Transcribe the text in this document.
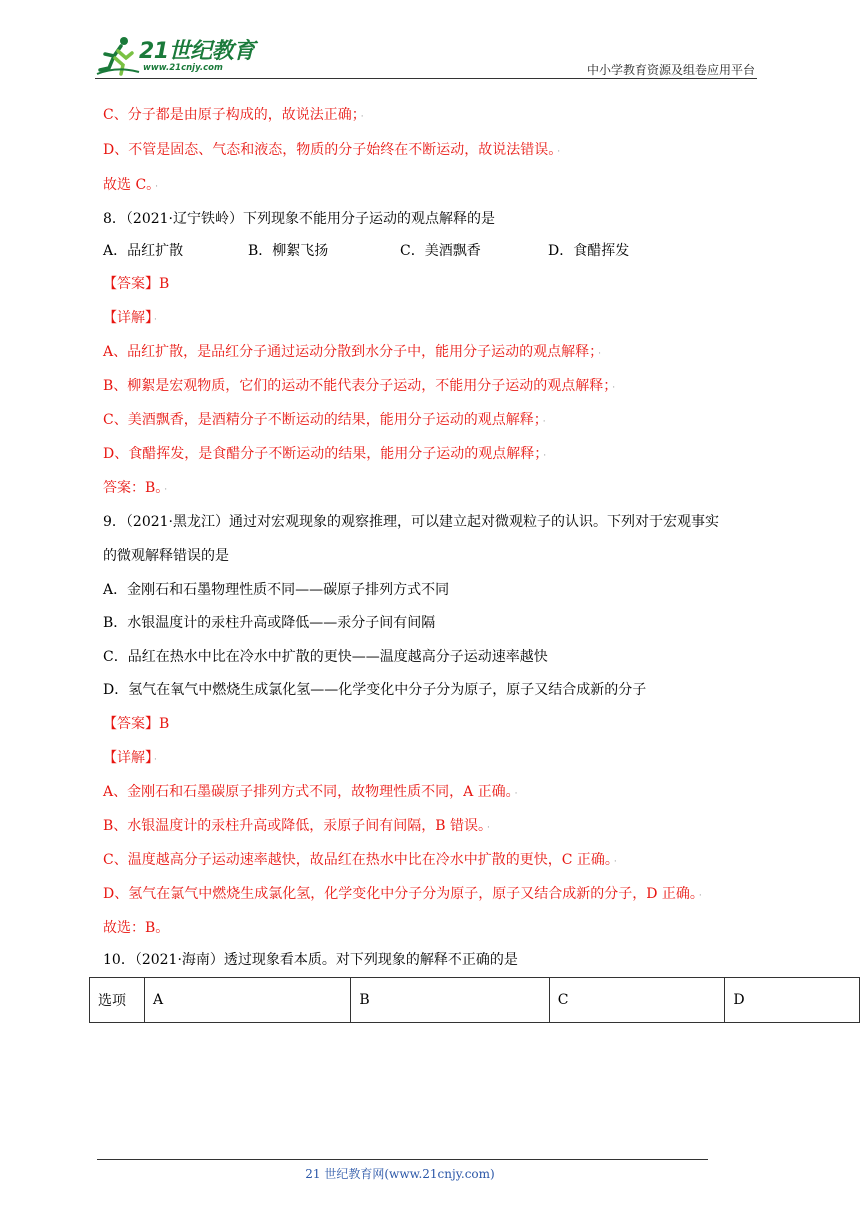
21世纪教育
www.21cnjy.com	中小学教育资源及组卷应用平台
C、分子都是由原子构成的，故说法正确； ·
D、不管是固态、气态和液态，物质的分子始终在不断运动，故说法错误。 ·
故选 C。 ·
8．（2021·辽宁铁岭）下列现象不能用分子运动的观点解释的是
A．品红扩散	B．柳絮飞扬	C．美酒飘香	D．食醋挥发
【答案】B
【详解】 ·
A、品红扩散，是品红分子通过运动分散到水分子中，能用分子运动的观点解释； ·
B、柳絮是宏观物质，它们的运动不能代表分子运动，不能用分子运动的观点解释； ·
C、美酒飘香，是酒精分子不断运动的结果，能用分子运动的观点解释； ·
D、食醋挥发，是食醋分子不断运动的结果，能用分子运动的观点解释； ·
答案：B。 ·
9．（2021·黑龙江）通过对宏观现象的观察推理，可以建立起对微观粒子的认识。下列对于宏观事实
的微观解释错误的是
A．金刚石和石墨物理性质不同——碳原子排列方式不同
B．水银温度计的汞柱升高或降低——汞分子间有间隔
C．品红在热水中比在冷水中扩散的更快——温度越高分子运动速率越快
D．氢气在氧气中燃烧生成氯化氢——化学变化中分子分为原子，原子又结合成新的分子
【答案】B
【详解】 ·
A、金刚石和石墨碳原子排列方式不同，故物理性质不同，A 正确。 ·
B、水银温度计的汞柱升高或降低，汞原子间有间隔，B 错误。 ·
C、温度越高分子运动速率越快，故品红在热水中比在冷水中扩散的更快，C 正确。 ·
D、氢气在氯气中燃烧生成氯化氢，化学变化中分子分为原子，原子又结合成新的分子，D 正确。 ·
故选：B。
10．（2021·海南）透过现象看本质。对下列现象的解释不正确的是
选项	A	B	C	D
21 世纪教育网(www.21cnjy.com)
